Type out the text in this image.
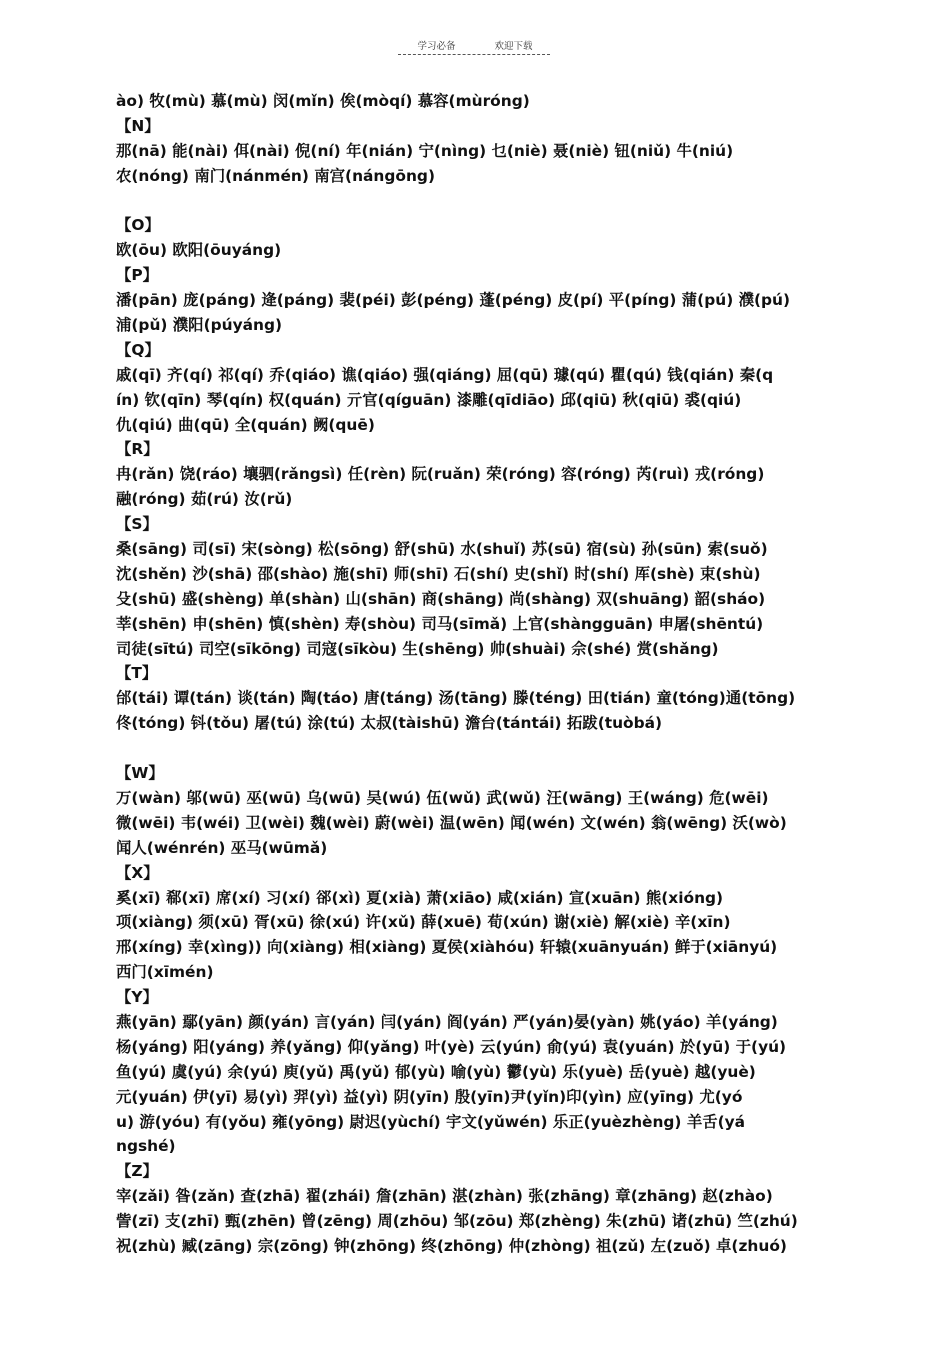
学习必备	欢迎下载
ào) 牧(mù) 慕(mù) 闵(mǐn) 俟(mòqí) 慕容(mùróng)
【N】
那(nā) 能(nài) 佴(nài) 倪(ní) 年(nián) 宁(nìng) 乜(niè) 聂(niè) 钮(niǔ) 牛(niú)
农(nóng) 南门(nánmén) 南宫(nángōng)
【O】
欧(ōu) 欧阳(ōuyáng)
【P】
潘(pān) 庞(páng) 逄(páng) 裴(péi) 彭(péng) 蓬(péng) 皮(pí) 平(píng) 蒲(pú) 濮(pú)
浦(pǔ) 濮阳(púyáng)
【Q】
戚(qī) 齐(qí) 祁(qí) 乔(qiáo) 谯(qiáo) 强(qiáng) 屈(qū) 璩(qú) 瞿(qú) 钱(qián) 秦(q
ín) 钦(qīn) 琴(qín) 权(quán) 亓官(qíguān) 漆雕(qīdiāo) 邱(qiū) 秋(qiū) 裘(qiú)
仇(qiú) 曲(qū) 全(quán) 阙(quē)
【R】
冉(rǎn) 饶(ráo) 壤驷(rǎngsì) 任(rèn) 阮(ruǎn) 荣(róng) 容(róng) 芮(ruì) 戎(róng)
融(róng) 茹(rú) 汝(rǔ)
【S】
桑(sāng) 司(sī) 宋(sòng) 松(sōng) 舒(shū) 水(shuǐ) 苏(sū) 宿(sù) 孙(sūn) 索(suǒ)
沈(shěn) 沙(shā) 邵(shào) 施(shī) 师(shī) 石(shí) 史(shǐ) 时(shí) 厍(shè) 束(shù)
殳(shū) 盛(shèng) 单(shàn) 山(shān) 商(shāng) 尚(shàng) 双(shuāng) 韶(sháo)
莘(shēn) 申(shēn) 慎(shèn) 寿(shòu) 司马(sīmǎ) 上官(shàngguān) 申屠(shēntú)
司徒(sītú) 司空(sīkōng) 司寇(sīkòu) 生(shēng) 帅(shuài) 佘(shé) 赏(shǎng)
【T】
邰(tái) 谭(tán) 谈(tán) 陶(táo) 唐(táng) 汤(tāng) 滕(téng) 田(tián) 童(tóng)通(tōng)
佟(tóng) 钭(tǒu) 屠(tú) 涂(tú) 太叔(tàishū) 澹台(tántái) 拓跋(tuòbá)
【W】
万(wàn) 邬(wū) 巫(wū) 乌(wū) 吴(wú) 伍(wǔ) 武(wǔ) 汪(wāng) 王(wáng) 危(wēi)
微(wēi) 韦(wéi) 卫(wèi) 魏(wèi) 蔚(wèi) 温(wēn) 闻(wén) 文(wén) 翁(wēng) 沃(wò)
闻人(wénrén) 巫马(wūmǎ)
【X】
奚(xī) 郗(xī) 席(xí) 习(xí) 郤(xì) 夏(xià) 萧(xiāo) 咸(xián) 宣(xuān) 熊(xióng)
项(xiàng) 须(xū) 胥(xū) 徐(xú) 许(xǔ) 薛(xuē) 荀(xún) 谢(xiè) 解(xiè) 辛(xīn)
邢(xíng) 幸(xìng)) 向(xiàng) 相(xiàng) 夏侯(xiàhóu) 轩辕(xuānyuán) 鲜于(xiānyú)
西门(xīmén)
【Y】
燕(yān) 鄢(yān) 颜(yán) 言(yán) 闫(yán) 阎(yán) 严(yán)晏(yàn) 姚(yáo) 羊(yáng)
杨(yáng) 阳(yáng) 养(yǎng) 仰(yǎng) 叶(yè) 云(yún) 俞(yú) 袁(yuán) 於(yū) 于(yú)
鱼(yú) 虞(yú) 余(yú) 庾(yǔ) 禹(yǔ) 郁(yù) 喻(yù) 鬱(yù) 乐(yuè) 岳(yuè) 越(yuè)
元(yuán) 伊(yī) 易(yì) 羿(yì) 益(yì) 阴(yīn) 殷(yīn)尹(yǐn)印(yìn) 应(yīng) 尤(yó
u) 游(yóu) 有(yǒu) 雍(yōng) 尉迟(yùchí) 宇文(yǔwén) 乐正(yuèzhèng) 羊舌(yá
ngshé)
【Z】
宰(zǎi) 昝(zǎn) 查(zhā) 翟(zhái) 詹(zhān) 湛(zhàn) 张(zhāng) 章(zhāng) 赵(zhào)
訾(zī) 支(zhī) 甄(zhēn) 曾(zēng) 周(zhōu) 邹(zōu) 郑(zhèng) 朱(zhū) 诸(zhū) 竺(zhú)
祝(zhù) 臧(zāng) 宗(zōng) 钟(zhōng) 终(zhōng) 仲(zhòng) 祖(zǔ) 左(zuǒ) 卓(zhuó)
